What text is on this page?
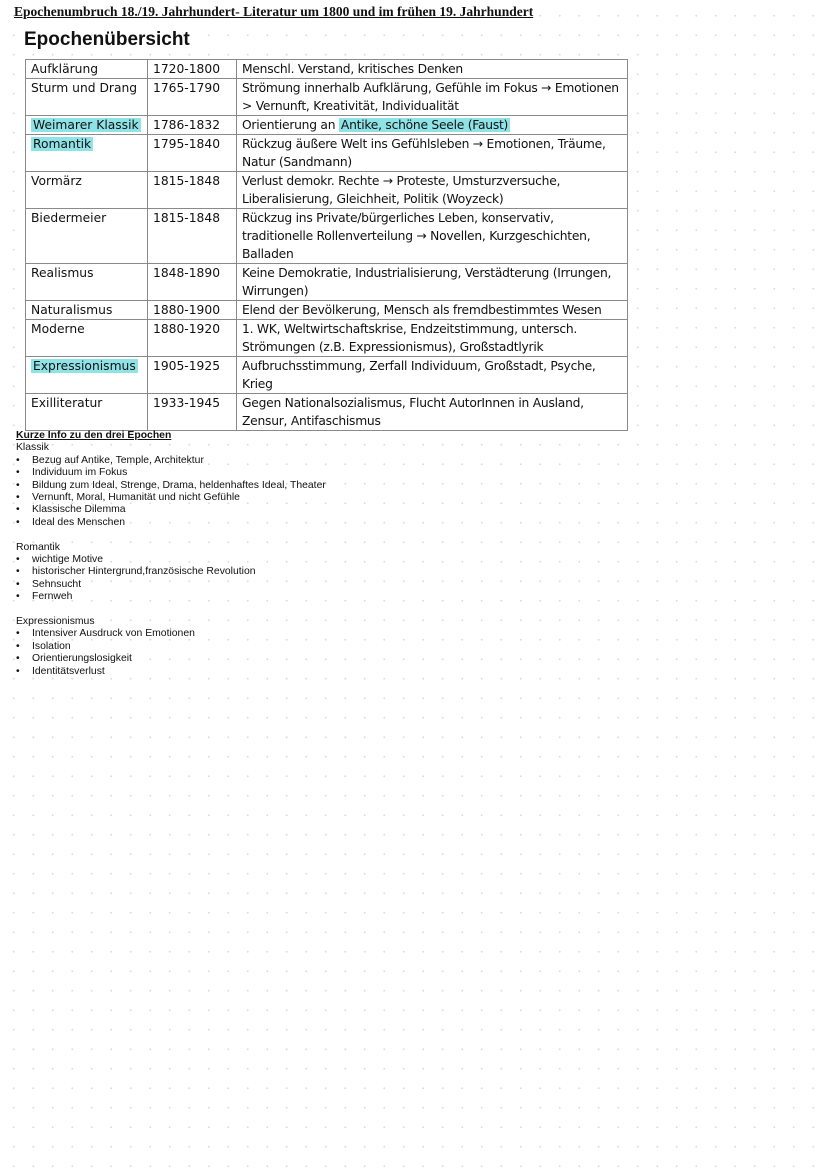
Epochenumbruch 18./19. Jahrhundert- Literatur um 1800 und im frühen 19. Jahrhundert
Epochenübersicht
Aufklärung	1720-1800	Menschl. Verstand, kritisches Denken
Sturm und Drang	1765-1790	Strömung innerhalb Aufklärung, Gefühle im Fokus → Emotionen > Vernunft, Kreativität, Individualität
Weimarer Klassik	1786-1832	Orientierung an Antike, schöne Seele (Faust)
Romantik	1795-1840	Rückzug äußere Welt ins Gefühlsleben → Emotionen, Träume, Natur (Sandmann)
Vormärz	1815-1848	Verlust demokr. Rechte → Proteste, Umsturzversuche, Liberalisierung, Gleichheit, Politik (Woyzeck)
Biedermeier	1815-1848	Rückzug ins Private/bürgerliches Leben, konservativ, traditionelle Rollenverteilung → Novellen, Kurzgeschichten, Balladen
Realismus	1848-1890	Keine Demokratie, Industrialisierung, Verstädterung (Irrungen, Wirrungen)
Naturalismus	1880-1900	Elend der Bevölkerung, Mensch als fremdbestimmtes Wesen
Moderne	1880-1920	1. WK, Weltwirtschaftskrise, Endzeitstimmung, untersch. Strömungen (z.B. Expressionismus), Großstadtlyrik
Expressionismus	1905-1925	Aufbruchsstimmung, Zerfall Individuum, Großstadt, Psyche, Krieg
Exilliteratur	1933-1945	Gegen Nationalsozialismus, Flucht AutorInnen in Ausland, Zensur, Antifaschismus
Kurze Info zu den drei Epochen
Klassik
• Bezug auf Antike, Temple, Architektur
• Individuum im Fokus
• Bildung zum Ideal, Strenge, Drama, heldenhaftes Ideal, Theater
• Vernunft, Moral, Humanität und nicht Gefühle
• Klassische Dilemma
• Ideal des Menschen
Romantik
• wichtige Motive
• historischer Hintergrund,französische Revolution
• Sehnsucht
• Fernweh
Expressionismus
• Intensiver Ausdruck von Emotionen
• Isolation
• Orientierungslosigkeit
• Identitätsverlust
